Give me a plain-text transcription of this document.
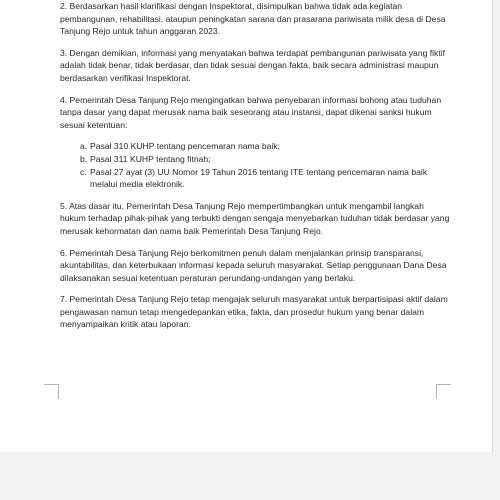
2. Berdasarkan hasil klarifikasi dengan Inspektorat, disimpulkan bahwa tidak ada kegiatan pembangunan, rehabilitasi, ataupun peningkatan sarana dan prasarana pariwisata milik desa di Desa Tanjung Rejo untuk tahun anggaran 2023.

3. Dengan demikian, informasi yang menyatakan bahwa terdapat pembangunan pariwisata yang fiktif adalah tidak benar, tidak berdasar, dan tidak sesuai dengan fakta, baik secara administrasi maupun berdasarkan verifikasi Inspektorat.

4. Pemerintah Desa Tanjung Rejo mengingatkan bahwa penyebaran informasi bohong atau tuduhan tanpa dasar yang dapat merusak nama baik seseorang atau instansi, dapat dikenai sanksi hukum sesuai ketentuan:

a. Pasal 310 KUHP tentang pencemaran nama baik;
b. Pasal 311 KUHP tentang fitnah;
c. Pasal 27 ayat (3) UU Nomor 19 Tahun 2016 tentang ITE tentang pencemaran nama baik melalui media elektronik.

5. Atas dasar itu, Pemerintah Desa Tanjung Rejo mempertimbangkan untuk mengambil langkah hukum terhadap pihak-pihak yang terbukti dengan sengaja menyebarkan tuduhan tidak berdasar yang merusak kehormatan dan nama baik Pemerintah Desa Tanjung Rejo.

6. Pemerintah Desa Tanjung Rejo berkomitmen penuh dalam menjalankan prinsip transparansi, akuntabilitas, dan keterbukaan informasi kepada seluruh masyarakat. Setiap penggunaan Dana Desa dilaksanakan sesuai ketentuan peraturan perundang-undangan yang berlaku.

7. Pemerintah Desa Tanjung Rejo tetap mengajak seluruh masyarakat untuk berpartisipasi aktif dalam pengawasan namun tetap mengedepankan etika, fakta, dan prosedur hukum yang benar dalam menyampaikan kritik atau laporan.
